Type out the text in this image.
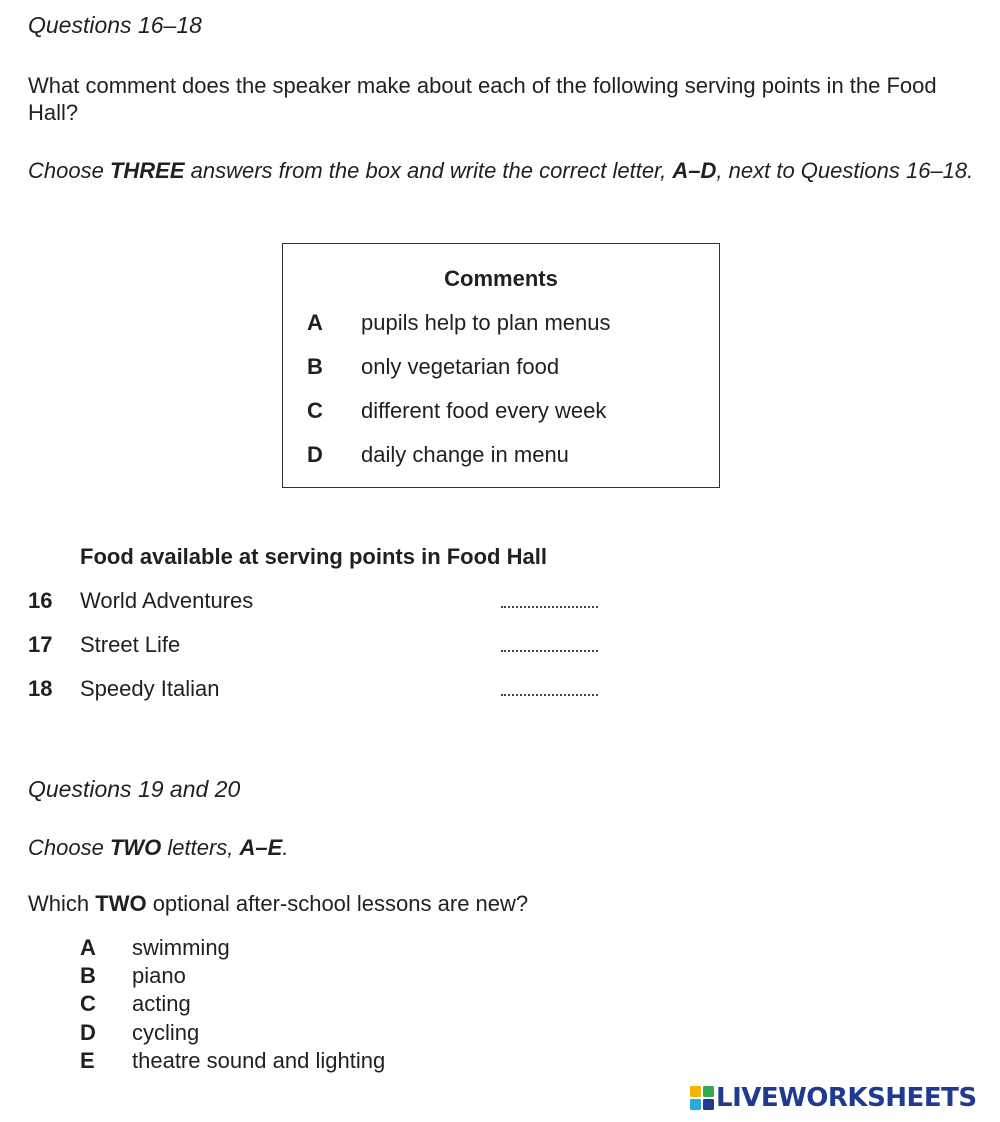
Questions 16–18
What comment does the speaker make about each of the following serving points in the Food Hall?
Choose THREE answers from the box and write the correct letter, A–D, next to Questions 16–18.
Comments
A pupils help to plan menus
B only vegetarian food
C different food every week
D daily change in menu
Food available at serving points in Food Hall
16 World Adventures
17 Street Life
18 Speedy Italian
Questions 19 and 20
Choose TWO letters, A–E.
Which TWO optional after-school lessons are new?
A swimming
B piano
C acting
D cycling
E theatre sound and lighting
LIVEWORKSHEETS
